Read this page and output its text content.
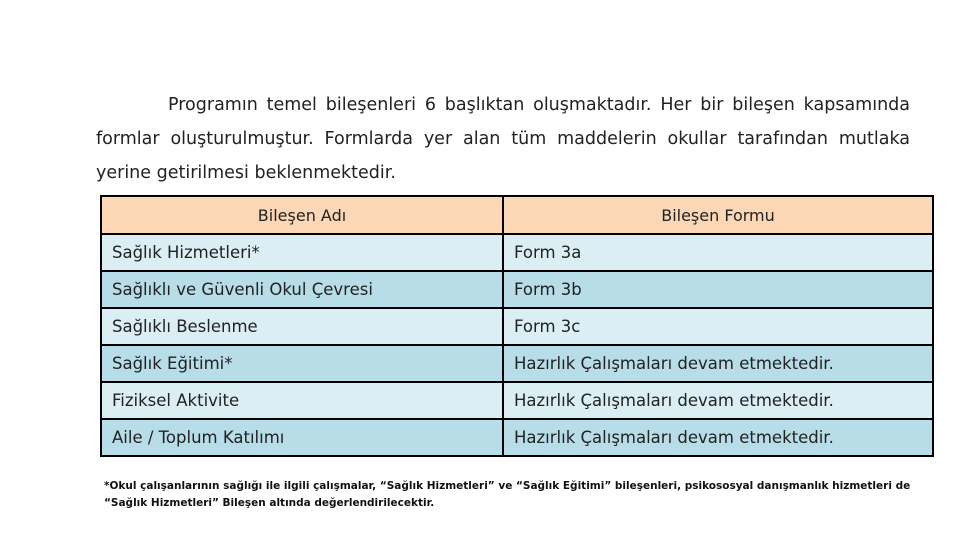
Programın temel bileşenleri 6 başlıktan oluşmaktadır. Her bir bileşen kapsamında formlar oluşturulmuştur. Formlarda yer alan tüm maddelerin okullar tarafından mutlaka yerine getirilmesi beklenmektedir.
Bileşen Adı	Bileşen Formu
Sağlık Hizmetleri*	Form 3a
Sağlıklı ve Güvenli Okul Çevresi	Form 3b
Sağlıklı Beslenme	Form 3c
Sağlık Eğitimi*	Hazırlık Çalışmaları devam etmektedir.
Fiziksel Aktivite	Hazırlık Çalışmaları devam etmektedir.
Aile / Toplum Katılımı	Hazırlık Çalışmaları devam etmektedir.
*Okul çalışanlarının sağlığı ile ilgili çalışmalar, “Sağlık Hizmetleri” ve “Sağlık Eğitimi” bileşenleri, psikososyal danışmanlık hizmetleri de “Sağlık Hizmetleri” Bileşen altında değerlendirilecektir.
